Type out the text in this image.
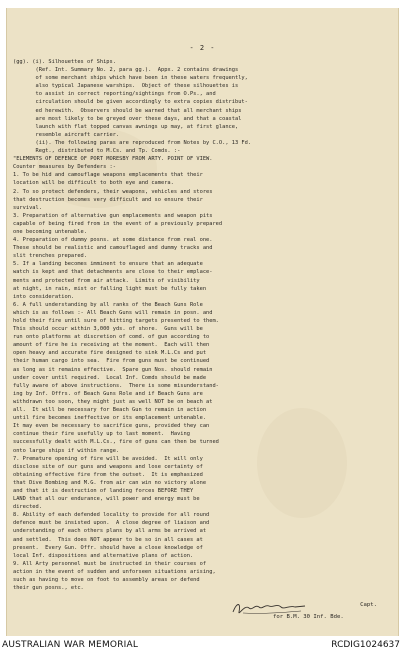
- 2 -
(gg). (i). Silhouettes of Ships.
(Ref. Int. Summary No. 2, para gg.).  Appx. 2 contains drawings
of some merchant ships which have been in these waters frequently,
also typical Japanese warships.  Object of these silhouettes is
to assist in correct reporting/sightings from O.Ps., and
circulation should be given accordingly to extra copies distribut-
ed herewith.  Observers should be warned that all merchant ships
are most likely to be greyed over these days, and that a coastal
launch with flat topped canvas awnings up may, at first glance,
resemble aircraft carrier.
(ii). The following paras are reproduced from Notes by C.O., 13 Fd.
Regt., distributed to M.Cs. and Tp. Comds. :-
"ELEMENTS OF DEFENCE OF PORT MORESBY FROM ARTY. POINT OF VIEW.
Counter measures by Defenders :-
1. To be hid and camouflage weapons emplacements that their
location will be difficult to both eye and camera.
2. To so protect defenders, their weapons, vehicles and stores
that destruction becomes very difficult and so ensure their
survival.
3. Preparation of alternative gun emplacements and weapon pits
capable of being fired from in the event of a previously prepared
one becoming untenable.
4. Preparation of dummy posns. at some distance from real one.
These should be realistic and camouflaged and dummy tracks and
slit trenches prepared.
5. If a landing becomes imminent to ensure that an adequate
watch is kept and that detachments are close to their emplace-
ments and protected from air attack.  Limits of visibility
at night, in rain, mist or falling light must be fully taken
into consideration.
6. A full understanding by all ranks of the Beach Guns Role
which is as follows :- All Beach Guns will remain in posn. and
hold their fire until sure of hitting targets presented to them.
This should occur within 3,000 yds. of shore.  Guns will be
run onto platforms at discretion of comd. of gun according to
amount of fire he is receiving at the moment.  Each will then
open heavy and accurate fire designed to sink M.L.Cs and put
their human cargo into sea.  Fire from guns must be continued
as long as it remains effective.  Spare gun Nos. should remain
under cover until required.  Local Inf. Comds should be made
fully aware of above instructions.  There is some misunderstand-
ing by Inf. Offrs. of Beach Guns Role and if Beach Guns are
withdrawn too soon, they might just as well NOT be on beach at
all.  It will be necessary for Beach Gun to remain in action
until fire becomes ineffective or its emplacement untenable.
It may even be necessary to sacrifice guns, provided they can
continue their fire usefully up to last moment.  Having
successfully dealt with M.L.Cs., fire of guns can then be turned
onto large ships if within range.
7. Premature opening of fire will be avoided.  It will only
disclose site of our guns and weapons and lose certainty of
obtaining effective fire from the outset.  It is emphasized
that Dive Bombing and M.G. from air can win no victory alone
and that it is destruction of landing forces BEFORE THEY
LAND that all our endurance, will power and energy must be
directed.
8. Ability of each defended locality to provide for all round
defence must be insisted upon.  A close degree of liaison and
understanding of each others plans by all arms be arrived at
and settled.  This does NOT appear to be so in all cases at
present.  Every Gun. Offr. should have a close knowledge of
local Inf. dispositions and alternative plans of action.
9. All Arty personnel must be instructed in their courses of
action in the event of sudden and unforseen situations arising,
such as having to move on foot to assembly areas or defend
their gun posns., etc.
Capt.
for B.M. 30 Inf. Bde.
AUSTRALIAN WAR MEMORIAL	RCDIG1024637
